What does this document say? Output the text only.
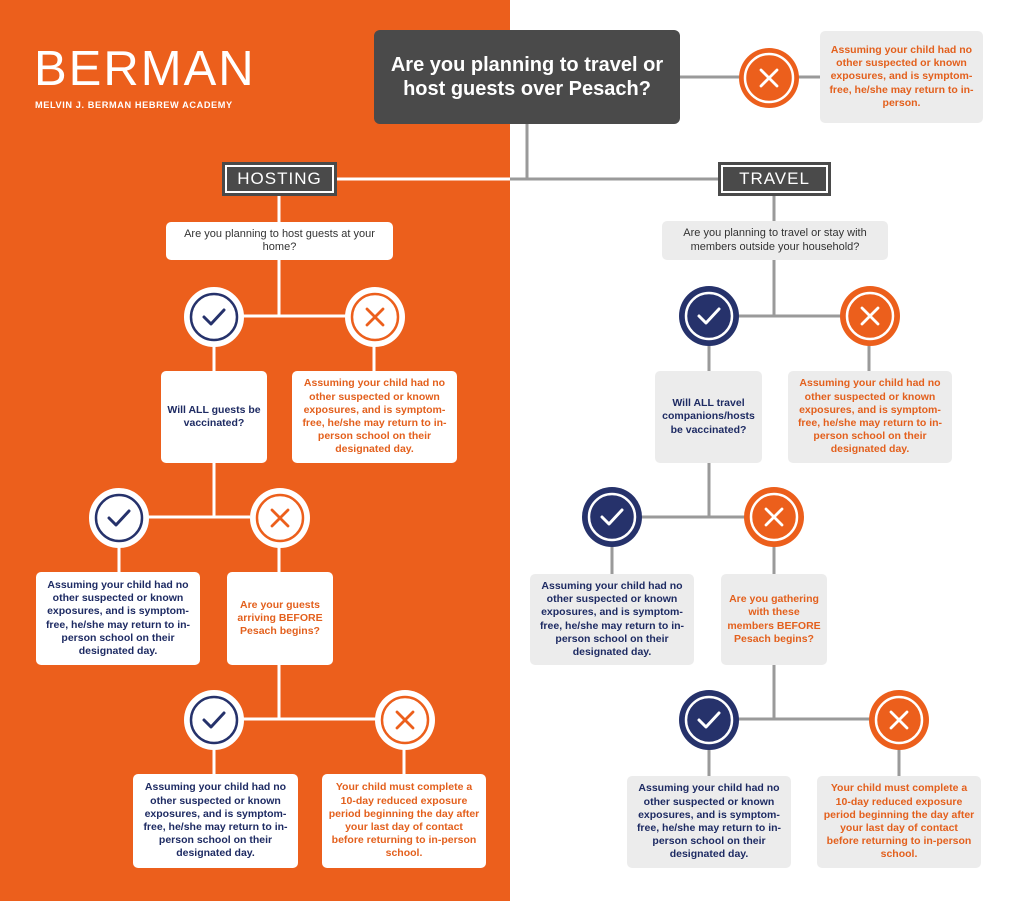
BERMAN
MELVIN J. BERMAN HEBREW ACADEMY
Are you planning to travel or host guests over Pesach?
Assuming your child had no other suspected or known exposures, and is symptom-free, he/she may return to in-person.
HOSTING	TRAVEL
Are you planning to host guests at your home?
Will ALL guests be vaccinated?
Assuming your child had no other suspected or known exposures, and is symptom-free, he/she may return to in-person school on their designated day.
Assuming your child had no other suspected or known exposures, and is symptom-free, he/she may return to in-person school on their designated day.
Are your guests arriving BEFORE Pesach begins?
Assuming your child had no other suspected or known exposures, and is symptom-free, he/she may return to in-person school on their designated day.
Your child must complete a 10-day reduced exposure period beginning the day after your last day of contact before returning to in-person school.
Are you planning to travel or stay with members outside your household?
Will ALL travel companions/hosts be vaccinated?
Assuming your child had no other suspected or known exposures, and is symptom-free, he/she may return to in-person school on their designated day.
Assuming your child had no other suspected or known exposures, and is symptom-free, he/she may return to in-person school on their designated day.
Are you gathering with these members BEFORE Pesach begins?
Assuming your child had no other suspected or known exposures, and is symptom-free, he/she may return to in-person school on their designated day.
Your child must complete a 10-day reduced exposure period beginning the day after your last day of contact before returning to in-person school.
